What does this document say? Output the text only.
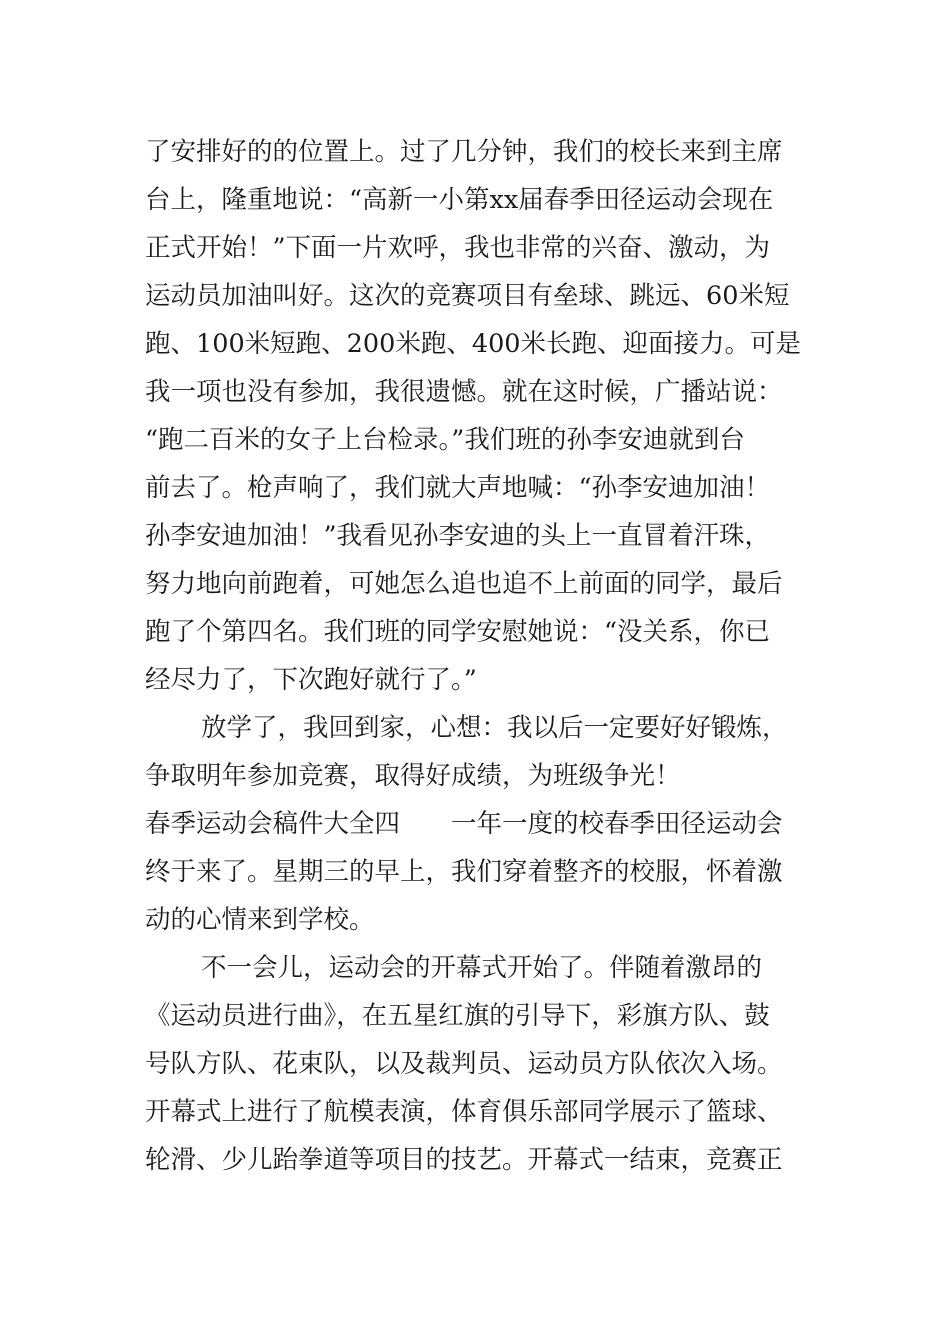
了安排好的的位置上。过了几分钟，我们的校长来到主席
台上，隆重地说：“高新一小第xx届春季田径运动会现在
正式开始！”下面一片欢呼，我也非常的兴奋、激动，为
运动员加油叫好。这次的竞赛项目有垒球、跳远、60米短
跑、100米短跑、200米跑、400米长跑、迎面接力。可是
我一项也没有参加，我很遗憾。就在这时候，广播站说：
“跑二百米的女子上台检录。”我们班的孙李安迪就到台
前去了。枪声响了，我们就大声地喊：“孙李安迪加油！
孙李安迪加油！”我看见孙李安迪的头上一直冒着汗珠，
努力地向前跑着，可她怎么追也追不上前面的同学，最后
跑了个第四名。我们班的同学安慰她说：“没关系，你已
经尽力了，下次跑好就行了。”
放学了，我回到家，心想：我以后一定要好好锻炼，
争取明年参加竞赛，取得好成绩，为班级争光！
春季运动会稿件大全四　　一年一度的校春季田径运动会
终于来了。星期三的早上，我们穿着整齐的校服，怀着激
动的心情来到学校。
不一会儿，运动会的开幕式开始了。伴随着激昂的
《运动员进行曲》，在五星红旗的引导下，彩旗方队、鼓
号队方队、花束队，以及裁判员、运动员方队依次入场。
开幕式上进行了航模表演，体育俱乐部同学展示了篮球、
轮滑、少儿跆拳道等项目的技艺。开幕式一结束，竞赛正
